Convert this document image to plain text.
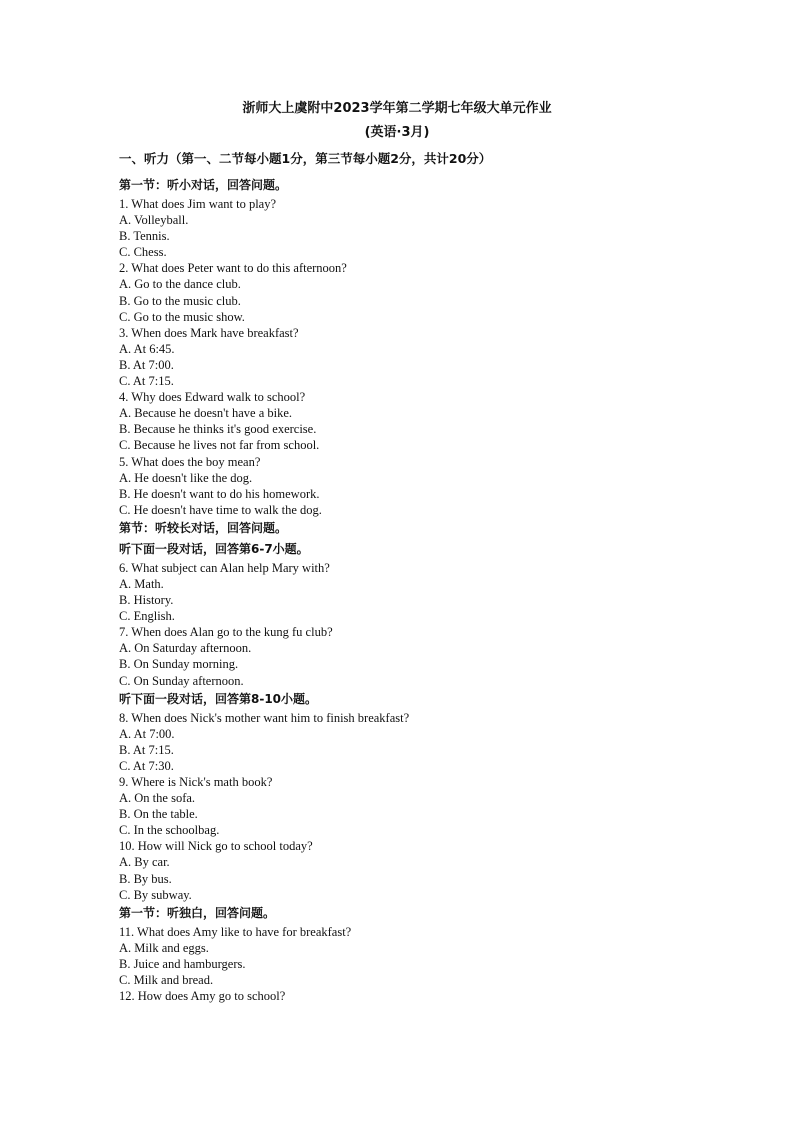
浙师大上虞附中2023学年第二学期七年级大单元作业
(英语·3月)
一、听力（第一、二节每小题1分，第三节每小题2分，共计20分）
第一节：听小对话，回答问题。
1. What does Jim want to play?
A. Volleyball.
B. Tennis.
C. Chess.
2. What does Peter want to do this afternoon?
A. Go to the dance club.
B. Go to the music club.
C. Go to the music show.
3. When does Mark have breakfast?
A. At 6:45.
B. At 7:00.
C. At 7:15.
4. Why does Edward walk to school?
A. Because he doesn't have a bike.
B. Because he thinks it's good exercise.
C. Because he lives not far from school.
5. What does the boy mean?
A. He doesn't like the dog.
B. He doesn't want to do his homework.
C. He doesn't have time to walk the dog.
第节：听较长对话，回答问题。
听下面一段对话，回答第6-7小题。
6. What subject can Alan help Mary with?
A. Math.
B. History.
C. English.
7. When does Alan go to the kung fu club?
A. On Saturday afternoon.
B. On Sunday morning.
C. On Sunday afternoon.
听下面一段对话，回答第8-10小题。
8. When does Nick's mother want him to finish breakfast?
A. At 7:00.
B. At 7:15.
C. At 7:30.
9. Where is Nick's math book?
A. On the sofa.
B. On the table.
C. In the schoolbag.
10. How will Nick go to school today?
A. By car.
B. By bus.
C. By subway.
第一节：听独白，回答问题。
11. What does Amy like to have for breakfast?
A. Milk and eggs.
B. Juice and hamburgers.
C. Milk and bread.
12. How does Amy go to school?
